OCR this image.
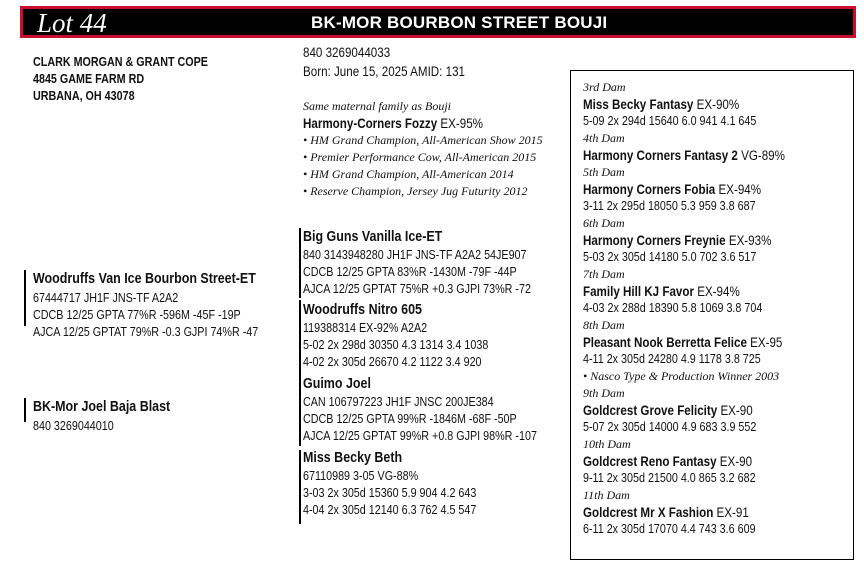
Lot 44	BK-MOR BOURBON STREET BOUJI
CLARK MORGAN & GRANT COPE
4845 GAME FARM RD
URBANA, OH 43078
840 3269044033
Born: June 15, 2025 AMID: 131
Same maternal family as Bouji
Harmony-Corners Fozzy EX-95%
• HM Grand Champion, All-American Show 2015
• Premier Performance Cow, All-American 2015
• HM Grand Champion, All-American 2014
• Reserve Champion, Jersey Jug Futurity 2012
Woodruffs Van Ice Bourbon Street-ET
67444717 JH1F JNS-TF A2A2
CDCB 12/25 GPTA 77%R -596M -45F -19P
AJCA 12/25 GPTAT 79%R -0.3 GJPI 74%R -47
BK-Mor Joel Baja Blast
840 3269044010
Big Guns Vanilla Ice-ET
840 3143948280 JH1F JNS-TF A2A2 54JE907
CDCB 12/25 GPTA 83%R -1430M -79F -44P
AJCA 12/25 GPTAT 75%R +0.3 GJPI 73%R -72
Woodruffs Nitro 605
119388314 EX-92% A2A2
5-02 2x 298d 30350 4.3 1314 3.4 1038
4-02 2x 305d 26670 4.2 1122 3.4 920
Guimo Joel
CAN 106797223 JH1F JNSC 200JE384
CDCB 12/25 GPTA 99%R -1846M -68F -50P
AJCA 12/25 GPTAT 99%R +0.8 GJPI 98%R -107
Miss Becky Beth
67110989 3-05 VG-88%
3-03 2x 305d 15360 5.9 904 4.2 643
4-04 2x 305d 12140 6.3 762 4.5 547
3rd Dam
Miss Becky Fantasy EX-90%
5-09 2x 294d 15640 6.0 941 4.1 645
4th Dam
Harmony Corners Fantasy 2 VG-89%
5th Dam
Harmony Corners Fobia EX-94%
3-11 2x 295d 18050 5.3 959 3.8 687
6th Dam
Harmony Corners Freynie EX-93%
5-03 2x 305d 14180 5.0 702 3.6 517
7th Dam
Family Hill KJ Favor EX-94%
4-03 2x 288d 18390 5.8 1069 3.8 704
8th Dam
Pleasant Nook Berretta Felice EX-95
4-11 2x 305d 24280 4.9 1178 3.8 725
• Nasco Type & Production Winner 2003
9th Dam
Goldcrest Grove Felicity EX-90
5-07 2x 305d 14000 4.9 683 3.9 552
10th Dam
Goldcrest Reno Fantasy EX-90
9-11 2x 305d 21500 4.0 865 3.2 682
11th Dam
Goldcrest Mr X Fashion EX-91
6-11 2x 305d 17070 4.4 743 3.6 609
